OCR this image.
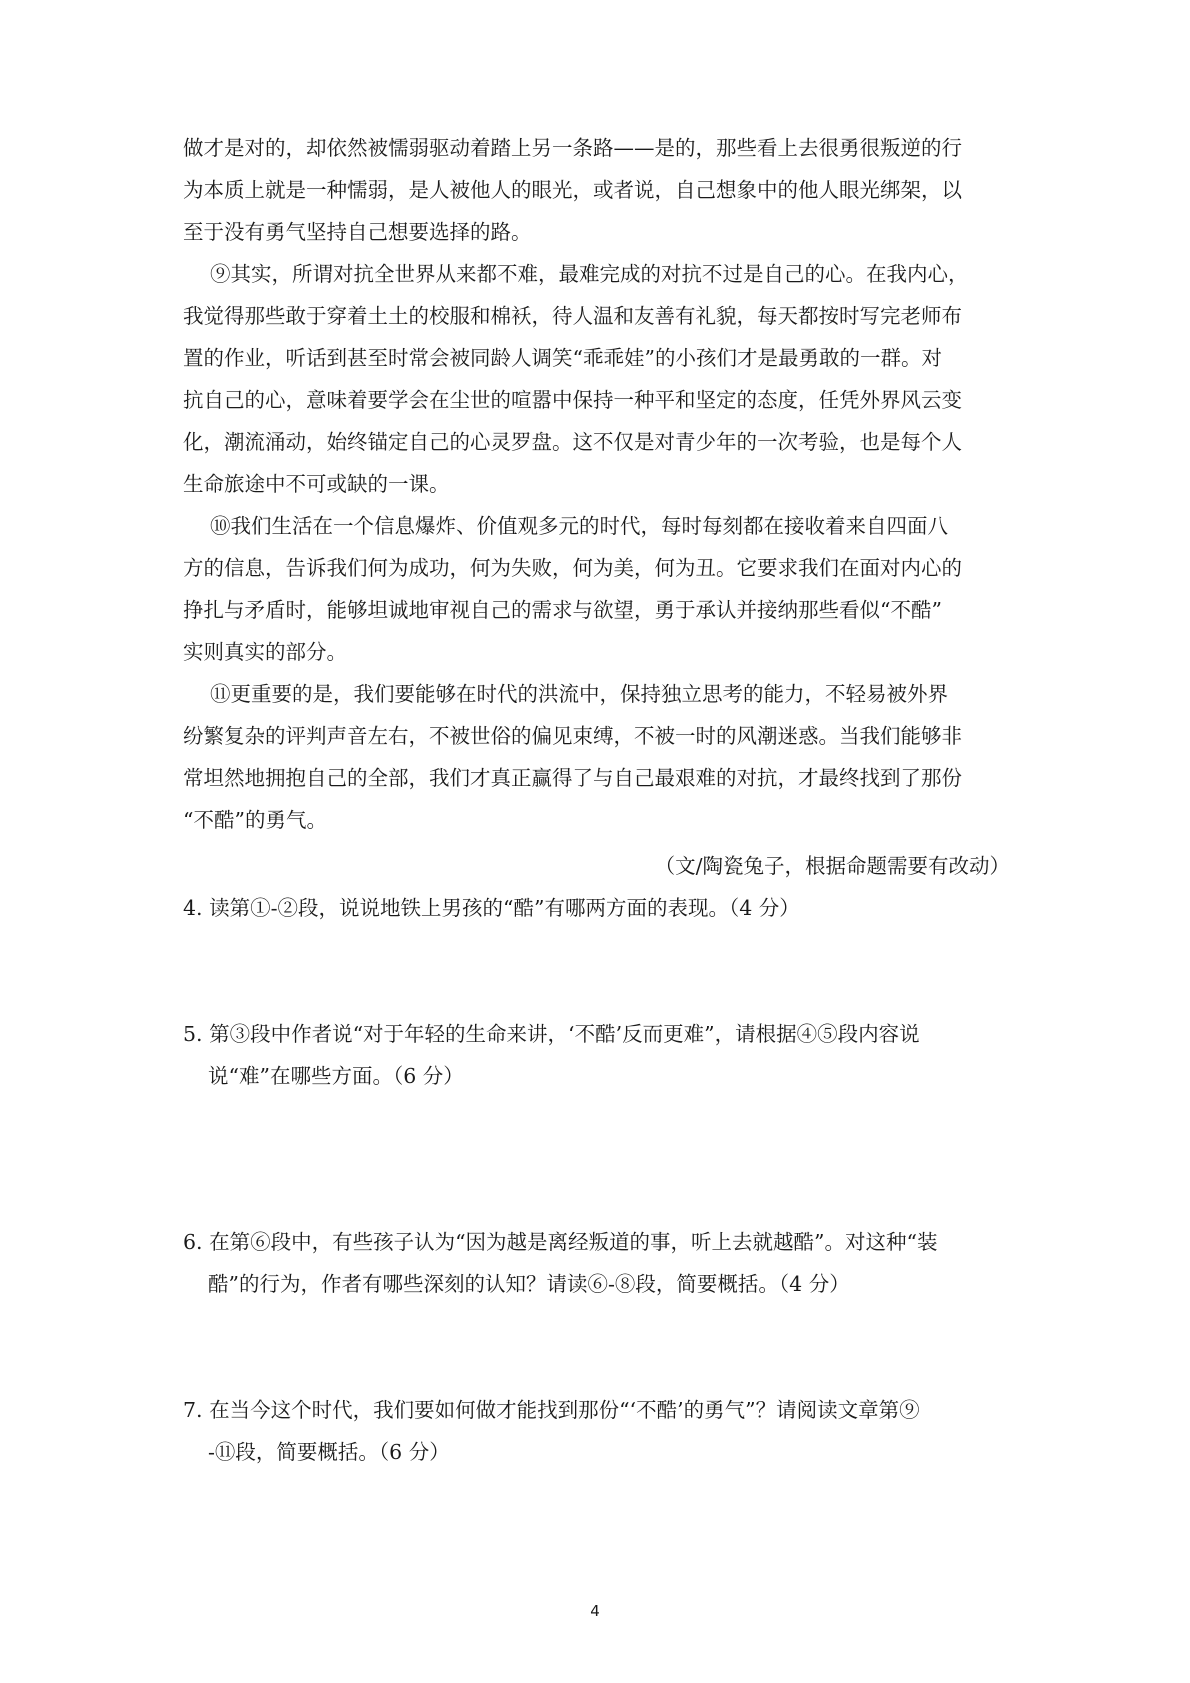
做才是对的，却依然被懦弱驱动着踏上另一条路——是的，那些看上去很勇很叛逆的行
为本质上就是一种懦弱，是人被他人的眼光，或者说，自己想象中的他人眼光绑架，以
至于没有勇气坚持自己想要选择的路。
⑨其实，所谓对抗全世界从来都不难，最难完成的对抗不过是自己的心。在我内心，
我觉得那些敢于穿着土土的校服和棉袄，待人温和友善有礼貌，每天都按时写完老师布
置的作业，听话到甚至时常会被同龄人调笑“乖乖娃”的小孩们才是最勇敢的一群。对
抗自己的心，意味着要学会在尘世的喧嚣中保持一种平和坚定的态度，任凭外界风云变
化，潮流涌动，始终锚定自己的心灵罗盘。这不仅是对青少年的一次考验，也是每个人
生命旅途中不可或缺的一课。
⑩我们生活在一个信息爆炸、价值观多元的时代，每时每刻都在接收着来自四面八
方的信息，告诉我们何为成功，何为失败，何为美，何为丑。它要求我们在面对内心的
挣扎与矛盾时，能够坦诚地审视自己的需求与欲望，勇于承认并接纳那些看似“不酷”
实则真实的部分。
⑪更重要的是，我们要能够在时代的洪流中，保持独立思考的能力，不轻易被外界
纷繁复杂的评判声音左右，不被世俗的偏见束缚，不被一时的风潮迷惑。当我们能够非
常坦然地拥抱自己的全部，我们才真正赢得了与自己最艰难的对抗，才最终找到了那份
“不酷”的勇气。
（文/陶瓷兔子，根据命题需要有改动）
4. 读第①-②段，说说地铁上男孩的“酷”有哪两方面的表现。（4 分）
5. 第③段中作者说“对于年轻的生命来讲，‘不酷’反而更难”，请根据④⑤段内容说
说“难”在哪些方面。（6 分）
6. 在第⑥段中，有些孩子认为“因为越是离经叛道的事，听上去就越酷”。对这种“装
酷”的行为，作者有哪些深刻的认知？请读⑥-⑧段，简要概括。（4 分）
7. 在当今这个时代，我们要如何做才能找到那份“‘不酷’的勇气”？请阅读文章第⑨
-⑪段，简要概括。（6 分）
4
